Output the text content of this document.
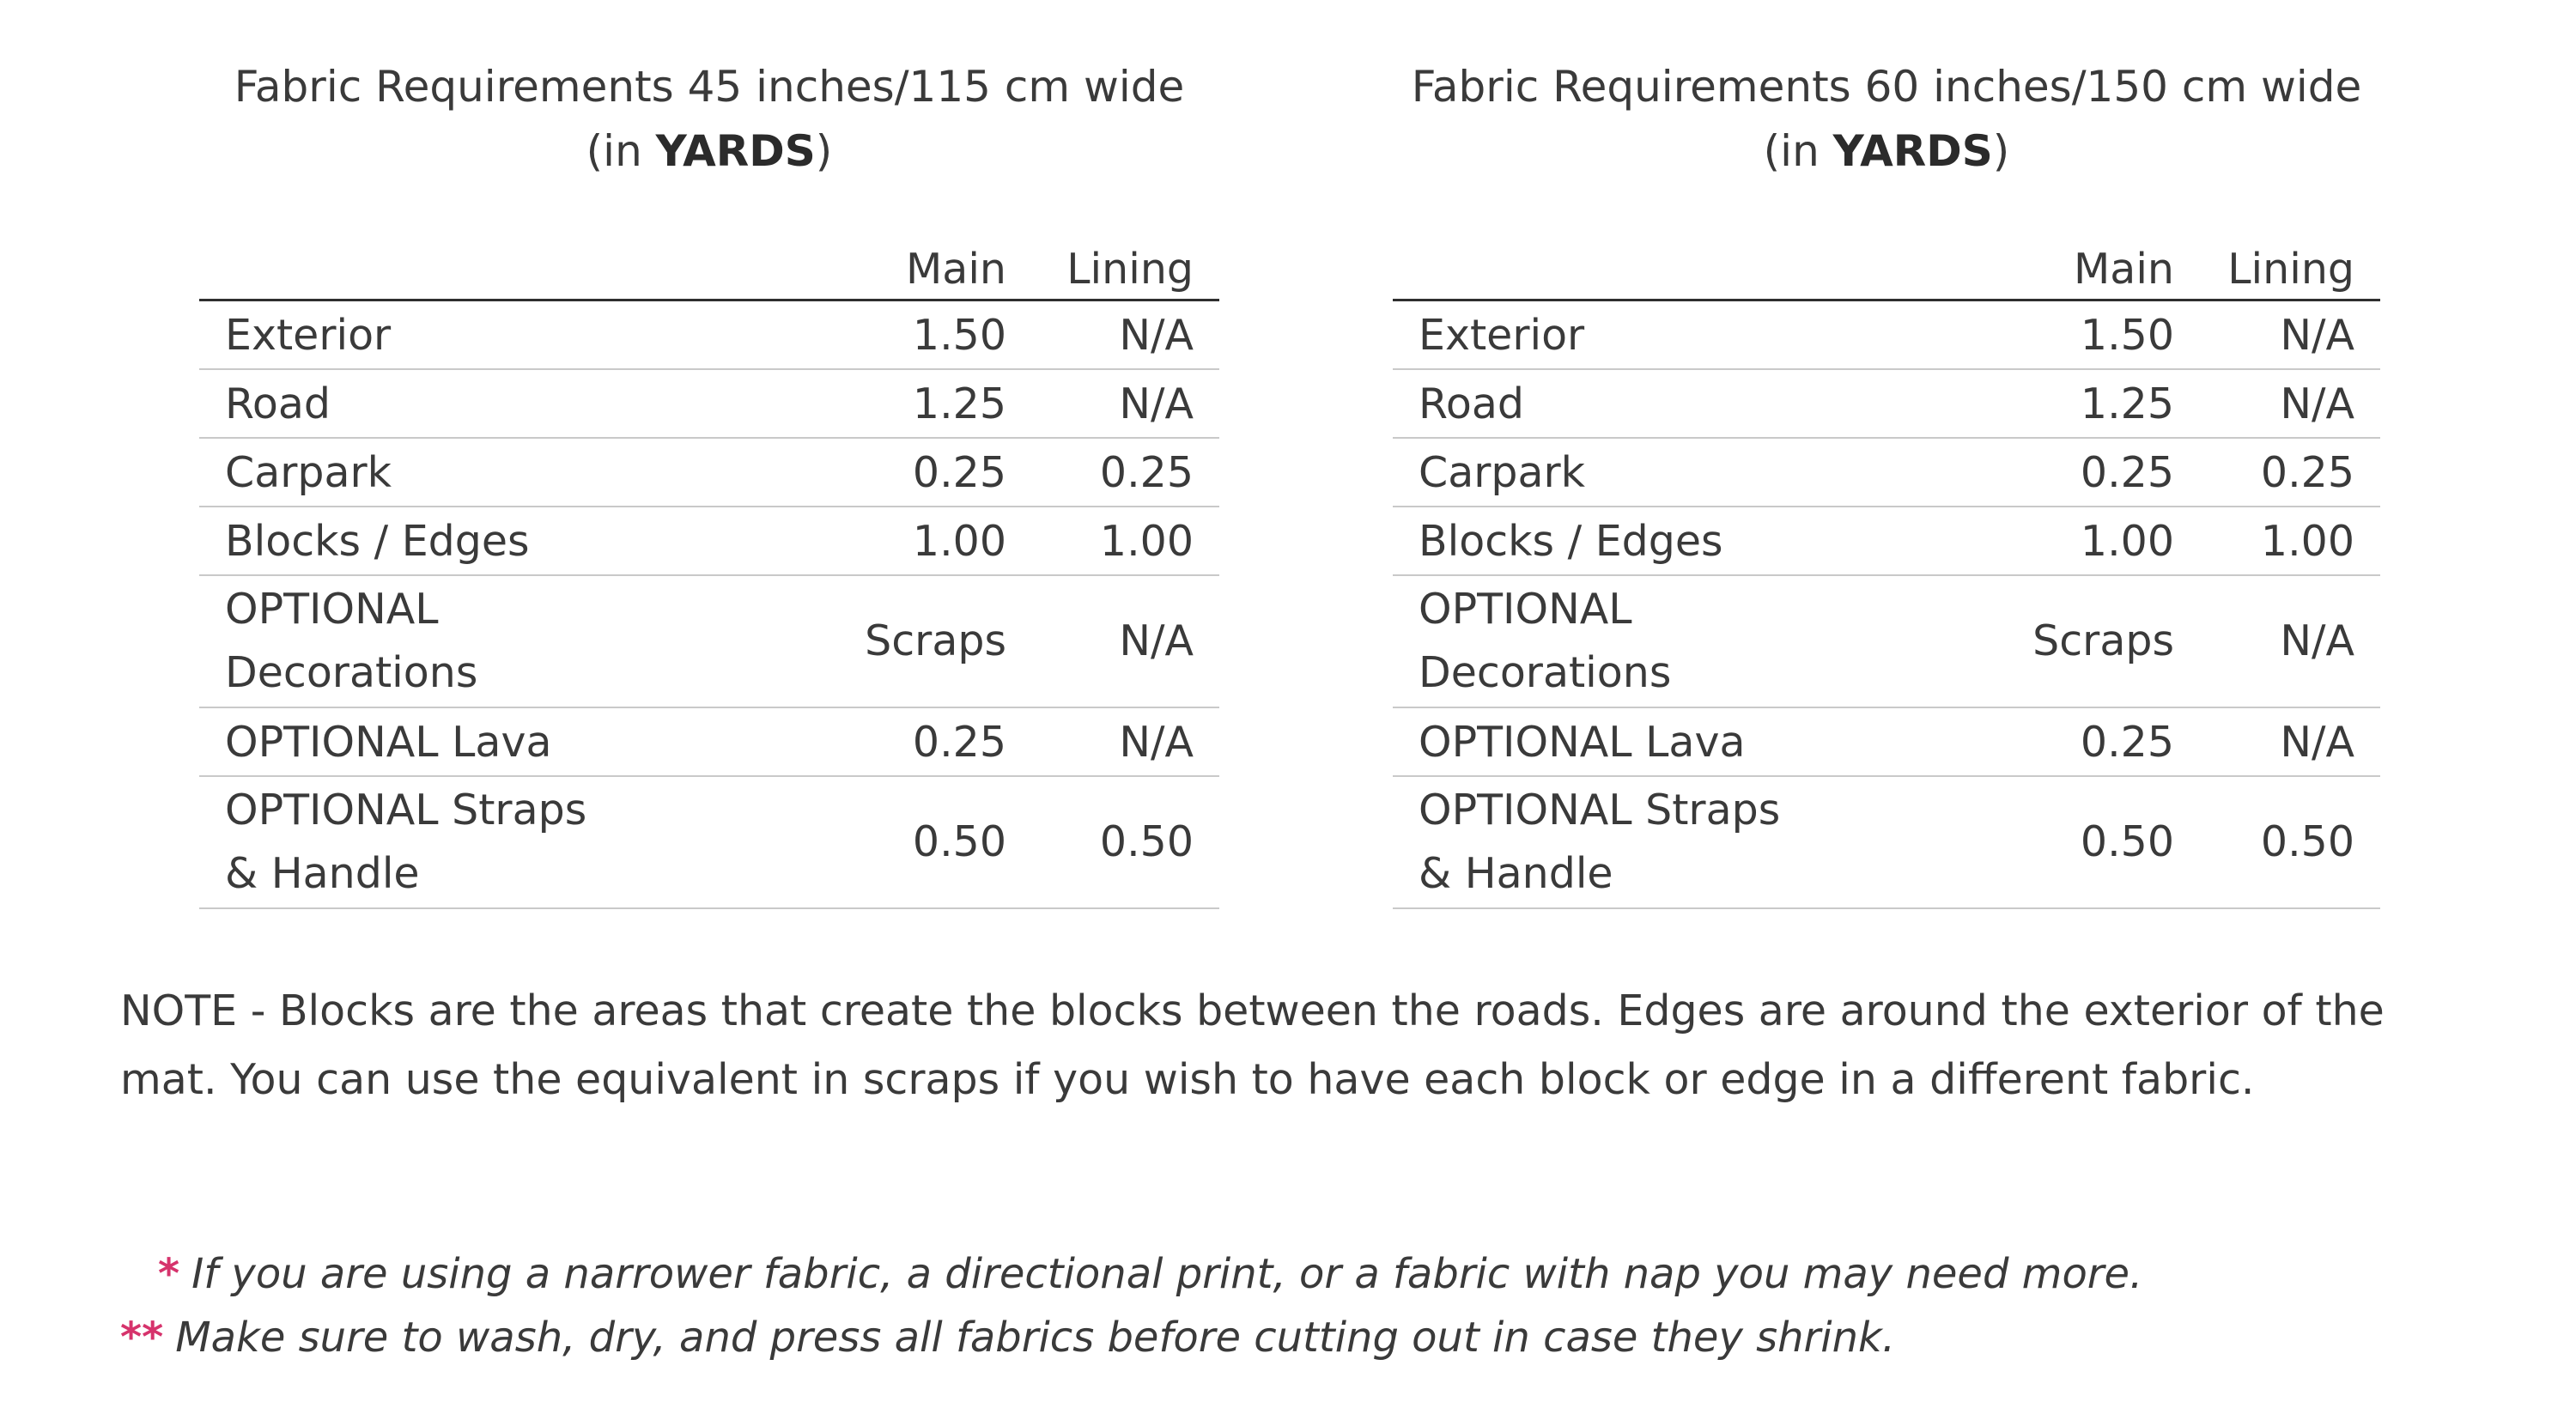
Fabric Requirements 45 inches/115 cm wide
(in YARDS)
	Main	Lining
Exterior	1.50	N/A
Road	1.25	N/A
Carpark	0.25	0.25
Blocks / Edges	1.00	1.00
OPTIONAL
Decorations	Scraps	N/A
OPTIONAL Lava	0.25	N/A
OPTIONAL Straps
& Handle	0.50	0.50
Fabric Requirements 60 inches/150 cm wide
(in YARDS)
	Main	Lining
Exterior	1.50	N/A
Road	1.25	N/A
Carpark	0.25	0.25
Blocks / Edges	1.00	1.00
OPTIONAL
Decorations	Scraps	N/A
OPTIONAL Lava	0.25	N/A
OPTIONAL Straps
& Handle	0.50	0.50

NOTE - Blocks are the areas that create the blocks between the roads. Edges are around the exterior of the mat. You can use the equivalent in scraps if you wish to have each block or edge in a different fabric.

* If you are using a narrower fabric, a directional print, or a fabric with nap you may need more.

** Make sure to wash, dry, and press all fabrics before cutting out in case they shrink.
